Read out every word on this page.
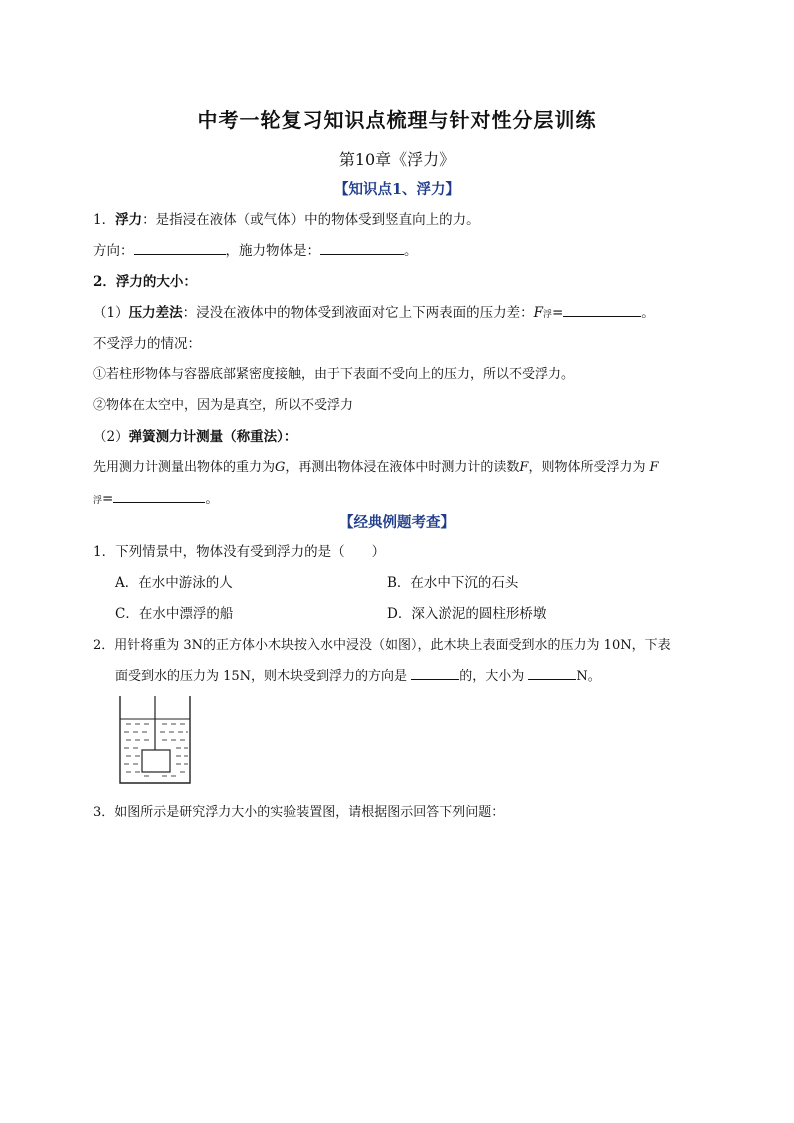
中考一轮复习知识点梳理与针对性分层训练
第10章《浮力》
【知识点1、浮力】
1．浮力：是指浸在液体（或气体）中的物体受到竖直向上的力。
方向：	，施力物体是：	。
2．浮力的大小：
（1）压力差法：浸没在液体中的物体受到液面对它上下两表面的压力差：F浮=	。
不受浮力的情况：
①若柱形物体与容器底部紧密度接触，由于下表面不受向上的压力，所以不受浮力。
②物体在太空中，因为是真空，所以不受浮力
（2）弹簧测力计测量（称重法）：
先用测力计测量出物体的重力为G，再测出物体浸在液体中时测力计的读数F，则物体所受浮力为 F
浮=	。
【经典例题考查】
1．下列情景中，物体没有受到浮力的是（　　）
A．在水中游泳的人	B．在水中下沉的石头
C．在水中漂浮的船	D．深入淤泥的圆柱形桥墩
2．用针将重为 3N的正方体小木块按入水中浸没（如图），此木块上表面受到水的压力为 10N，下表
面受到水的压力为 15N，则木块受到浮力的方向是	的，大小为	N。
3．如图所示是研究浮力大小的实验装置图，请根据图示回答下列问题：
